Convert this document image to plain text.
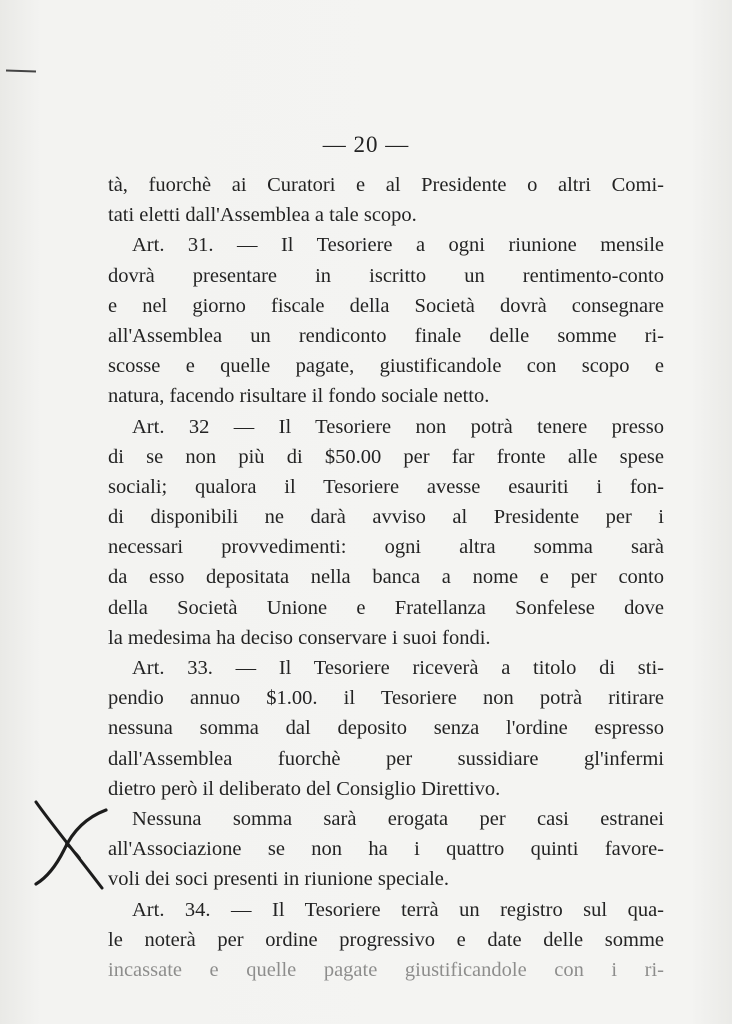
— 20 —
tà, fuorchè ai Curatori e al Presidente o altri Comi-
tati eletti dall'Assemblea a tale scopo.
Art. 31. — Il Tesoriere a ogni riunione mensile
dovrà presentare in iscritto un rentimento-conto
e nel giorno fiscale della Società dovrà consegnare
all'Assemblea un rendiconto finale delle somme ri-
scosse e quelle pagate, giustificandole con scopo e
natura, facendo risultare il fondo sociale netto.
Art. 32 — Il Tesoriere non potrà tenere presso
di se non più di $50.00 per far fronte alle spese
sociali; qualora il Tesoriere avesse esauriti i fon-
di disponibili ne darà avviso al Presidente per i
necessari provvedimenti: ogni altra somma sarà
da esso depositata nella banca a nome e per conto
della Società Unione e Fratellanza Sonfelese dove
la medesima ha deciso conservare i suoi fondi.
Art. 33. — Il Tesoriere riceverà a titolo di sti-
pendio annuo $1.00. il Tesoriere non potrà ritirare
nessuna somma dal deposito senza l'ordine espresso
dall'Assemblea fuorchè per sussidiare gl'infermi
dietro però il deliberato del Consiglio Direttivo.
Nessuna somma sarà erogata per casi estranei
all'Associazione se non ha i quattro quinti favore-
voli dei soci presenti in riunione speciale.
Art. 34. — Il Tesoriere terrà un registro sul qua-
le noterà per ordine progressivo e date delle somme
incassate e quelle pagate giustificandole con i ri-
